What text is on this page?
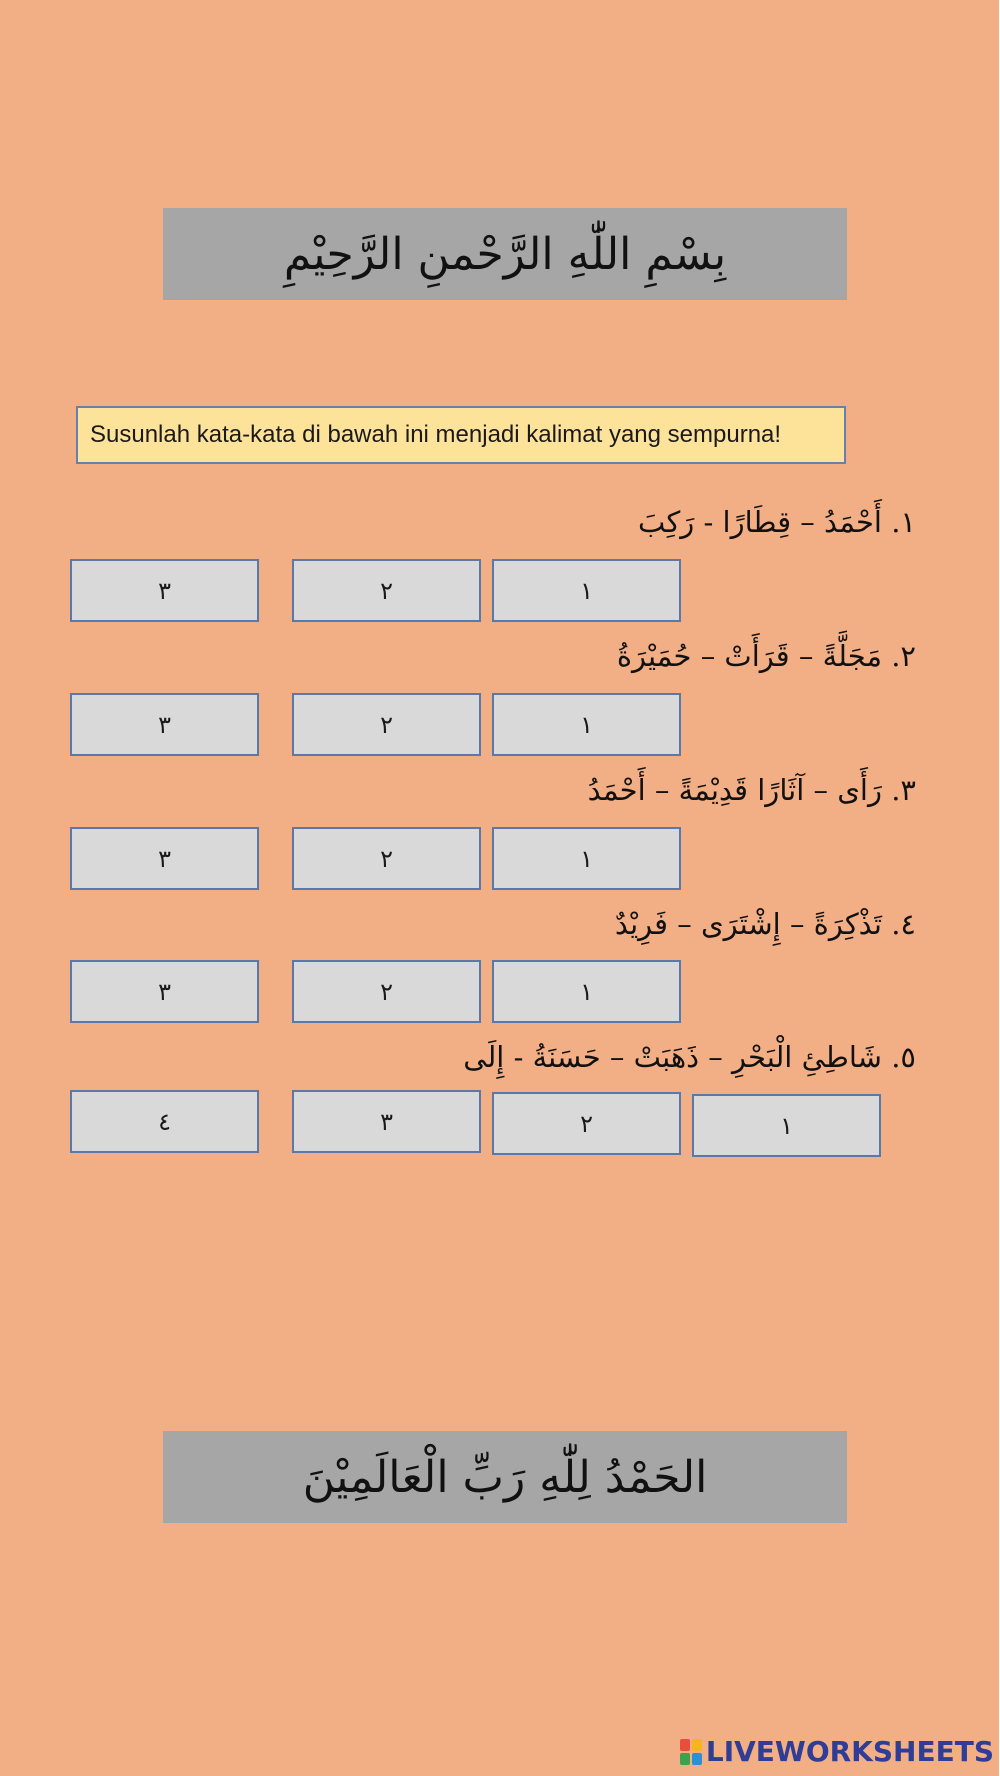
بِسْمِ اللّٰهِ الرَّحْمنِ الرَّحِيْمِ
Susunlah kata-kata di bawah ini menjadi kalimat yang sempurna!
١. أَحْمَدُ – قِطَارًا - رَكِبَ
١
٢
٣
٢. مَجَلَّةً – قَرَأَتْ – حُمَيْرَةُ
١
٢
٣
٣. رَأَى – آثَارًا قَدِيْمَةً – أَحْمَدُ
١
٢
٣
٤. تَذْكِرَةً – إِشْتَرَى – فَرِيْدٌ
١
٢
٣
٥. شَاطِئِ الْبَحْرِ – ذَهَبَتْ – حَسَنَةُ - إِلَى
١
٢
٣
٤
الحَمْدُ لِلّٰهِ رَبِّ الْعَالَمِيْنَ
LIVEWORKSHEETS
